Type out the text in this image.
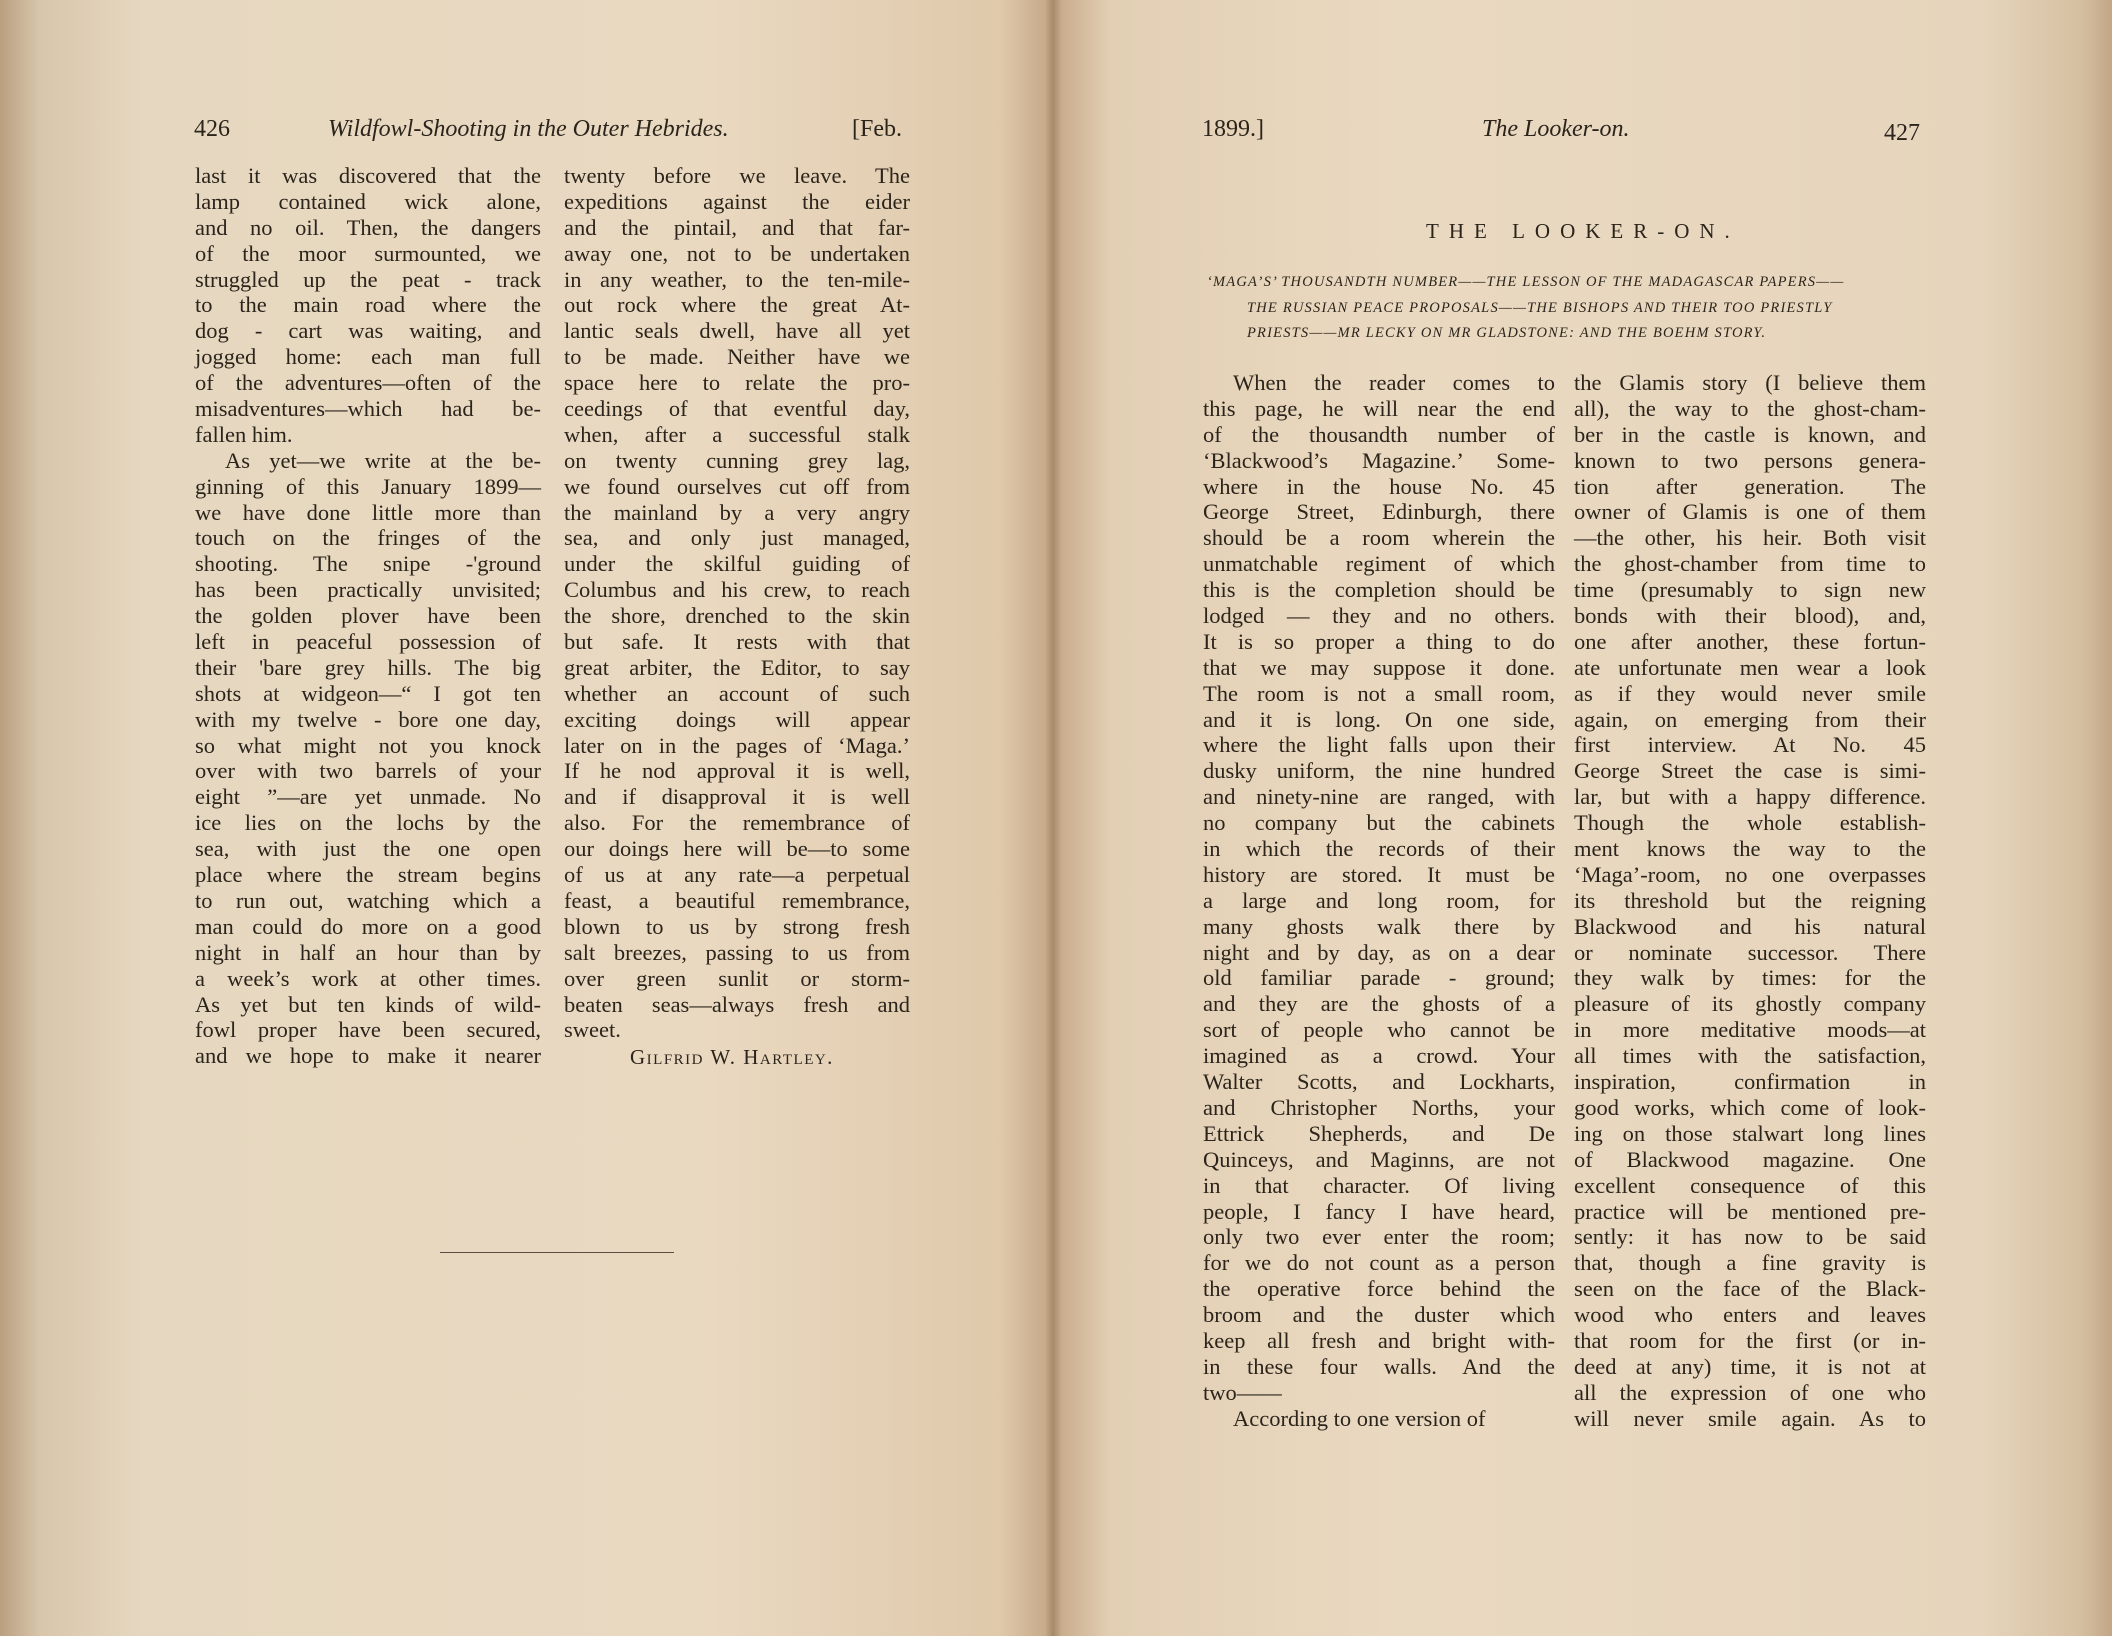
426	Wildfowl-Shooting in the Outer Hebrides.	[Feb.
last it was discovered that the
lamp contained wick alone,
and no oil. Then, the dangers
of the moor surmounted, we
struggled up the peat - track
to the main road where the
dog - cart was waiting, and
jogged home: each man full
of the adventures—often of the
misadventures—which had be-
fallen him.
As yet—we write at the be-
ginning of this January 1899—
we have done little more than
touch on the fringes of the
shooting. The snipe -'ground
has been practically unvisited;
the golden plover have been
left in peaceful possession of
their 'bare grey hills. The big
shots at widgeon—“ I got ten
with my twelve - bore one day,
so what might not you knock
over with two barrels of your
eight ”—are yet unmade. No
ice lies on the lochs by the
sea, with just the one open
place where the stream begins
to run out, watching which a
man could do more on a good
night in half an hour than by
a week’s work at other times.
As yet but ten kinds of wild-
fowl proper have been secured,
and we hope to make it nearer
twenty before we leave. The
expeditions against the eider
and the pintail, and that far-
away one, not to be undertaken
in any weather, to the ten-mile-
out rock where the great At-
lantic seals dwell, have all yet
to be made. Neither have we
space here to relate the pro-
ceedings of that eventful day,
when, after a successful stalk
on twenty cunning grey lag,
we found ourselves cut off from
the mainland by a very angry
sea, and only just managed,
under the skilful guiding of
Columbus and his crew, to reach
the shore, drenched to the skin
but safe. It rests with that
great arbiter, the Editor, to say
whether an account of such
exciting doings will appear
later on in the pages of ‘Maga.’
If he nod approval it is well,
and if disapproval it is well
also. For the remembrance of
our doings here will be—to some
of us at any rate—a perpetual
feast, a beautiful remembrance,
blown to us by strong fresh
salt breezes, passing to us from
over green sunlit or storm-
beaten seas—always fresh and
sweet.
Gilfrid W. Hartley.
1899.]	The Looker-on.	427
THE LOOKER-ON.
‘MAGA’S’ THOUSANDTH NUMBER——THE LESSON OF THE MADAGASCAR PAPERS——
THE RUSSIAN PEACE PROPOSALS——THE BISHOPS AND THEIR TOO PRIESTLY
PRIESTS——MR LECKY ON MR GLADSTONE: AND THE BOEHM STORY.
When the reader comes to
this page, he will near the end
of the thousandth number of
‘Blackwood’s Magazine.’ Some-
where in the house No. 45
George Street, Edinburgh, there
should be a room wherein the
unmatchable regiment of which
this is the completion should be
lodged — they and no others.
It is so proper a thing to do
that we may suppose it done.
The room is not a small room,
and it is long. On one side,
where the light falls upon their
dusky uniform, the nine hundred
and ninety-nine are ranged, with
no company but the cabinets
in which the records of their
history are stored. It must be
a large and long room, for
many ghosts walk there by
night and by day, as on a dear
old familiar parade - ground;
and they are the ghosts of a
sort of people who cannot be
imagined as a crowd. Your
Walter Scotts, and Lockharts,
and Christopher Norths, your
Ettrick Shepherds, and De
Quinceys, and Maginns, are not
in that character. Of living
people, I fancy I have heard,
only two ever enter the room;
for we do not count as a person
the operative force behind the
broom and the duster which
keep all fresh and bright with-
in these four walls. And the
two——
According to one version of
the Glamis story (I believe them
all), the way to the ghost-cham-
ber in the castle is known, and
known to two persons genera-
tion after generation. The
owner of Glamis is one of them
—the other, his heir. Both visit
the ghost-chamber from time to
time (presumably to sign new
bonds with their blood), and,
one after another, these fortun-
ate unfortunate men wear a look
as if they would never smile
again, on emerging from their
first interview. At No. 45
George Street the case is simi-
lar, but with a happy difference.
Though the whole establish-
ment knows the way to the
‘Maga’-room, no one overpasses
its threshold but the reigning
Blackwood and his natural
or nominate successor. There
they walk by times: for the
pleasure of its ghostly company
in more meditative moods—at
all times with the satisfaction,
inspiration, confirmation in
good works, which come of look-
ing on those stalwart long lines
of Blackwood magazine. One
excellent consequence of this
practice will be mentioned pre-
sently: it has now to be said
that, though a fine gravity is
seen on the face of the Black-
wood who enters and leaves
that room for the first (or in-
deed at any) time, it is not at
all the expression of one who
will never smile again. As to
